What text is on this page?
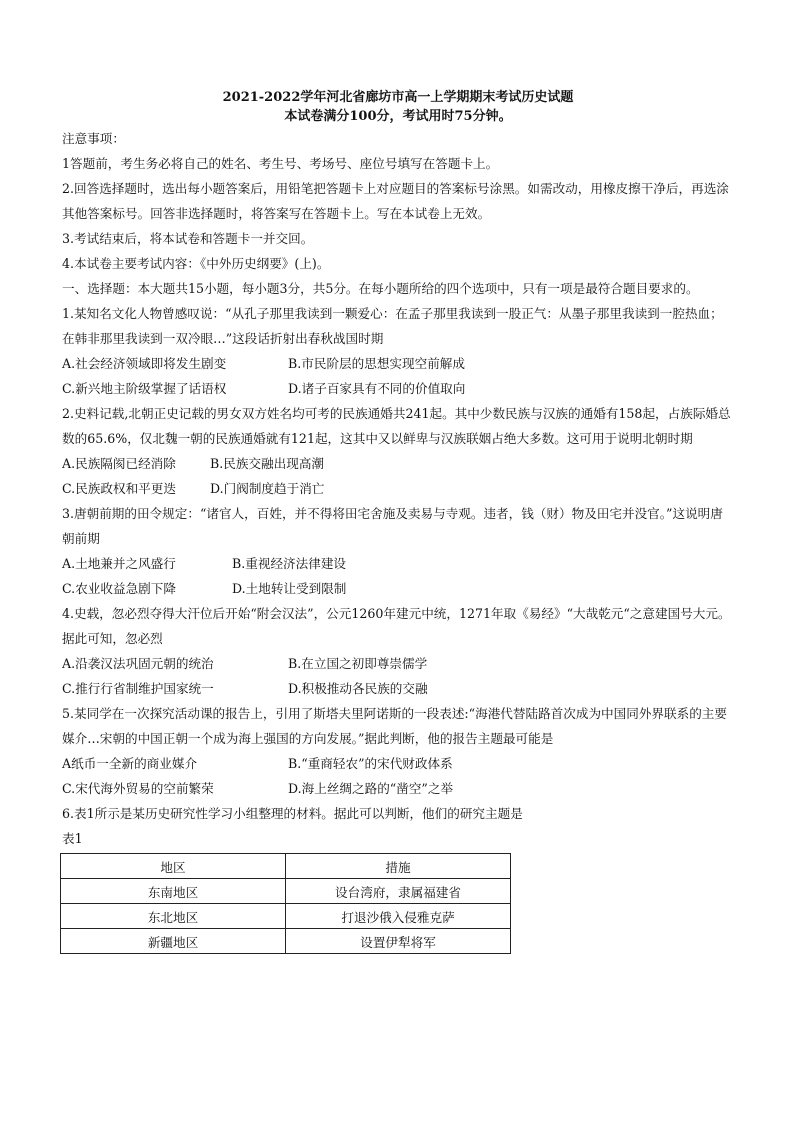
2021-2022学年河北省廊坊市高一上学期期末考试历史试题

本试卷满分100分，考试用时75分钟。

注意事项：

1答题前，考生务必将自己的姓名、考生号、考场号、座位号填写在答题卡上。

2.回答选择题时，选出每小题答案后，用铅笔把答题卡上对应题目的答案标号涂黑。如需改动，用橡皮擦干净后，再选涂其他答案标号。回答非选择题时，将答案写在答题卡上。写在本试卷上无效。

3.考试结束后，将本试卷和答题卡一并交回。

4.本试卷主要考试内容：《中外历史纲要》(上)。

一、选择题：本大题共15小题，每小题3分，共5分。在每小题所给的四个选项中，只有一项是最符合题目要求的。

1.某知名文化人物曾感叹说：“从孔子那里我读到一颗爱心：在孟子那里我读到一股正气：从墨子那里我读到一腔热血；在韩非那里我读到一双冷眼…”这段话折射出春秋战国时期

A.社会经济领域即将发生剧变	B.市民阶层的思想实现空前解成
C.新兴地主阶级掌握了话语权	D.诸子百家具有不同的价值取向

2.史料记载,北朝正史记载的男女双方姓名均可考的民族通婚共241起。其中少数民族与汉族的通婚有158起，占族际婚总数的65.6%，仅北魏一朝的民族通婚就有121起，这其中又以鲜卑与汉族联姻占绝大多数。这可用于说明北朝时期

A.民族隔阂已经消除	B.民族交融出现高潮
C.民族政权和平更迭	D.门阀制度趋于消亡

3.唐朝前期的田令规定：“诸官人，百姓，并不得将田宅舍施及卖易与寺观。违者，钱（财）物及田宅并没官。”这说明唐朝前期

A.土地兼并之风盛行	B.重视经济法律建设
C.农业收益急剧下降	D.土地转让受到限制

4.史载，忽必烈夺得大汗位后开始“附会汉法”，公元1260年建元中统，1271年取《易经》“大哉乾元“之意建国号大元。据此可知，忽必烈

A.沿袭汉法巩固元朝的统治	B.在立国之初即尊崇儒学
C.推行行省制维护国家统一	D.积极推动各民族的交融

5.某同学在一次探究活动课的报告上，引用了斯塔夫里阿诺斯的一段表述:“海港代替陆路首次成为中国同外界联系的主要媒介…宋朝的中国正朝一个成为海上强国的方向发展。”据此判断，他的报告主题最可能是

A纸币一全新的商业媒介	B.“重商轻农”的宋代财政体系
C.宋代海外贸易的空前繁荣	D.海上丝绸之路的“凿空”之举

6.表1所示是某历史研究性学习小组整理的材料。据此可以判断，他们的研究主题是

表1

地区	措施
东南地区	设台湾府，隶属福建省
东北地区	打退沙俄入侵雅克萨
新疆地区	设置伊犁将军
